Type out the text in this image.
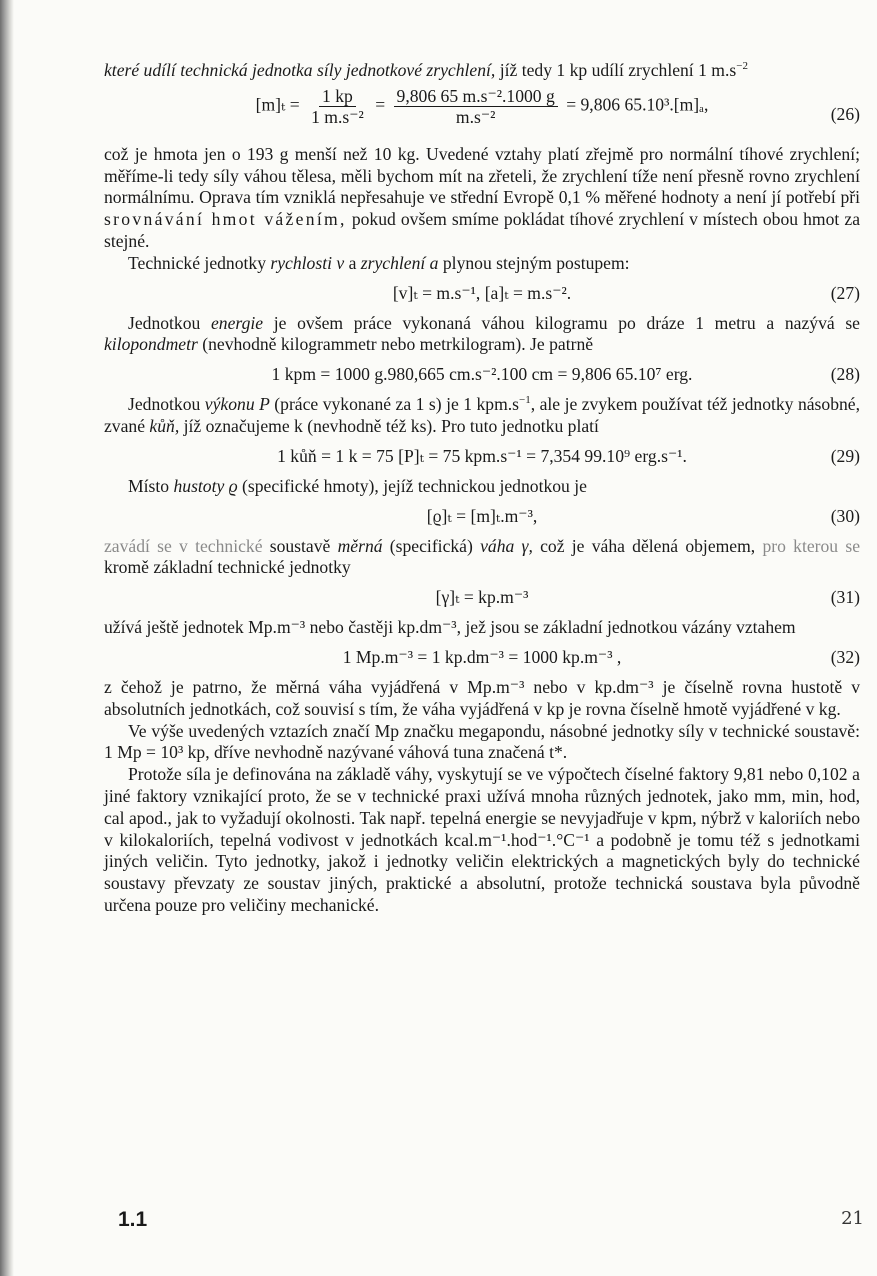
které udílí technická jednotka síly jednotkové zrychlení, jíž tedy 1 kp udílí zrychlení 1 $m.s^{-2}$

$[m]_t = \frac{1 kp}{\text{1 m.s⁻²}} = \frac{\text{9,806 65 m.s⁻².1000 g}}{\text{m.s⁻²}} = 9,806$ 65.10³.[m]ₐ,	(26)

což je hmota jen o 193 g menší než 10 kg. Uvedené vztahy platí zřejmě pro normální tíhové zrychlení; měříme-li tedy síly váhou tělesa, měli bychom mít na zřeteli, že zrychlení tíže není přesně rovno zrychlení normálnímu. Oprava tím vzniklá nepřesahuje ve střední Evropě 0,1 % měřené hodnoty a není jí potřebí při srovnávání hmot vážením, pokud ovšem smíme pokládat tíhové zrychlení v místech obou hmot za stejné.

Technické jednotky rychlosti v a zrychlení a plynou stejným postupem:

[v]ₜ = m.s⁻¹, [a]ₜ = m.s⁻².	(27)

Jednotkou energie je ovšem práce vykonaná váhou kilogramu po dráze 1 metru a nazývá se kilopondmetr (nevhodně kilogrammetr nebo metrkilogram). Je patrně

1 kpm = 1000 g.980,665 cm.s⁻².100 cm = 9,806 65.10⁷ erg.	(28)

Jednotkou výkonu P (práce vykonané za 1 s) je 1 $kpm.s^{-1}$, ale je zvykem používat též jednotky násobné, zvané kůň, jíž označujeme k (nevhodně též ks). Pro tuto jednotku platí

1 kůň = 1 k = 75 [P]ₜ = 75 kpm.s⁻¹ = 7,354 99.10⁹ erg.s⁻¹.	(29)

Místo hustoty ϱ (specifické hmoty), jejíž technickou jednotkou je

[ϱ]ₜ = [m]ₜ.m⁻³,	(30)

zavádí se v technické soustavě měrná (specifická) váha γ, což je váha dělená objemem, pro kterou se kromě základní technické jednotky

[γ]ₜ = kp.m⁻³	(31)

užívá ještě jednotek Mp.m⁻³ nebo častěji kp.dm⁻³, jež jsou se základní jednotkou vázány vztahem

1 Mp.m⁻³ = 1 kp.dm⁻³ = 1000 kp.m⁻³ ,	(32)

z čehož je patrno, že měrná váha vyjádřená v Mp.m⁻³ nebo v kp.dm⁻³ je číselně rovna hustotě v absolutních jednotkách, což souvisí s tím, že váha vyjádřená v kp je rovna číselně hmotě vyjádřené v kg.

Ve výše uvedených vztazích značí Mp značku megapondu, násobné jednotky síly v technické soustavě: 1 Mp = 10³ kp, dříve nevhodně nazývané váhová tuna značená t*.

Protože síla je definována na základě váhy, vyskytují se ve výpočtech číselné faktory 9,81 nebo 0,102 a jiné faktory vznikající proto, že se v technické praxi užívá mnoha různých jednotek, jako mm, min, hod, cal apod., jak to vyžadují okolnosti. Tak např. tepelná energie se nevyjadřuje v kpm, nýbrž v kaloriích nebo v kilokaloriích, tepelná vodivost v jednotkách kcal.m⁻¹.hod⁻¹.°C⁻¹ a podobně je tomu též s jednotkami jiných veličin. Tyto jednotky, jakož i jednotky veličin elektrických a magnetických byly do technické soustavy převzaty ze soustav jiných, praktické a absolutní, protože technická soustava byla původně určena pouze pro veličiny mechanické.

1.1	21
